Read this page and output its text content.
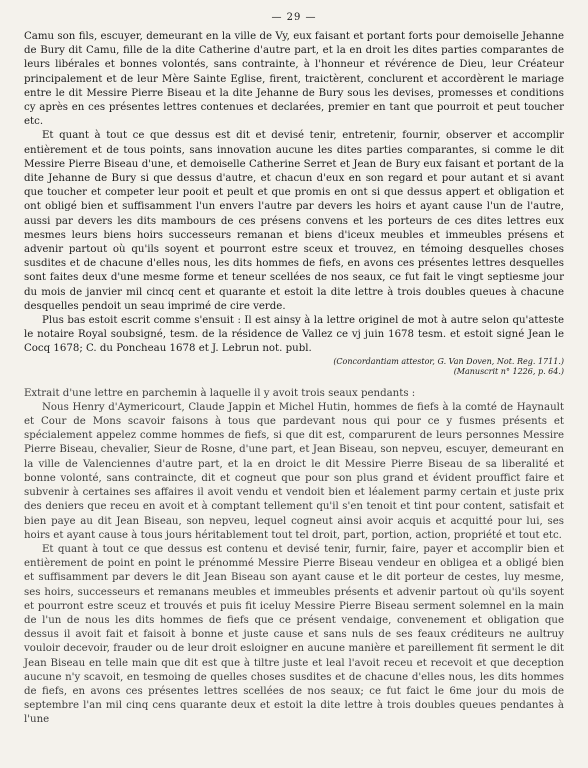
— 29 —

Camu son fils, escuyer, demeurant en la ville de Vy, eux faisant et portant forts pour demoiselle Jehanne de Bury dit Camu, fille de la dite Catherine d'autre part, et la en droit les dites parties comparantes de leurs libérales et bonnes volontés, sans contrainte, à l'honneur et révérence de Dieu, leur Créateur principalement et de leur Mère Sainte Eglise, firent, traictèrent, conclurent et accordèrent le mariage entre le dit Messire Pierre Biseau et la dite Jehanne de Bury sous les devises, promesses et conditions cy après en ces présentes lettres contenues et declarées, premier en tant que pourroit et peut toucher etc.

Et quant à tout ce que dessus est dit et devisé tenir, entretenir, fournir, observer et accomplir entièrement et de tous points, sans innovation aucune les dites parties comparantes, si comme le dit Messire Pierre Biseau d'une, et demoiselle Catherine Serret et Jean de Bury eux faisant et portant de la dite Jehanne de Bury si que dessus d'autre, et chacun d'eux en son regard et pour autant et si avant que toucher et competer leur pooit et peult et que promis en ont si que dessus appert et obligation et ont obligé bien et suffisamment l'un envers l'autre par devers les hoirs et ayant cause l'un de l'autre, aussi par devers les dits mambours de ces présens convens et les porteurs de ces dites lettres eux mesmes leurs biens hoirs successeurs remanan et biens d'iceux meubles et immeubles présens et advenir partout où qu'ils soyent et pourront estre sceux et trouvez, en témoing desquelles choses susdites et de chacune d'elles nous, les dits hommes de fiefs, en avons ces présentes lettres desquelles sont faites deux d'une mesme forme et teneur scellées de nos seaux, ce fut fait le vingt septiesme jour du mois de janvier mil cincq cent et quarante et estoit la dite lettre à trois doubles queues à chacune desquelles pendoit un seau imprimé de cire verde.

Plus bas estoit escrit comme s'ensuit : Il est ainsy à la lettre originel de mot à autre selon qu'atteste le notaire Royal soubsigné, tesm. de la résidence de Vallez ce vj juin 1678 tesm. et estoit signé Jean le Cocq 1678; C. du Poncheau 1678 et J. Lebrun not. publ.

(Concordantiam attestor, G. Van Doven, Not. Reg. 1711.)
(Manuscrit n° 1226, p. 64.)

Extrait d'une lettre en parchemin à laquelle il y avoit trois seaux pendants :

Nous Henry d'Aymericourt, Claude Jappin et Michel Hutin, hommes de fiefs à la comté de Haynault et Cour de Mons scavoir faisons à tous que pardevant nous qui pour ce y fusmes présents et spécialement appelez comme hommes de fiefs, si que dit est, comparurent de leurs personnes Messire Pierre Biseau, chevalier, Sieur de Rosne, d'une part, et Jean Biseau, son nepveu, escuyer, demeurant en la ville de Valenciennes d'autre part, et la en droict le dit Messire Pierre Biseau de sa liberalité et bonne volonté, sans contraincte, dit et cogneut que pour son plus grand et évident prouffict faire et subvenir à certaines ses affaires il avoit vendu et vendoit bien et léalement parmy certain et juste prix des deniers que receu en avoit et à comptant tellement qu'il s'en tenoit et tint pour content, satisfait et bien paye au dit Jean Biseau, son nepveu, lequel cogneut ainsi avoir acquis et acquitté pour lui, ses hoirs et ayant cause à tous jours héritablement tout tel droit, part, portion, action, propriété et tout etc.

Et quant à tout ce que dessus est contenu et devisé tenir, furnir, faire, payer et accomplir bien et entièrement de point en point le prénommé Messire Pierre Biseau vendeur en obligea et a obligé bien et suffisamment par devers le dit Jean Biseau son ayant cause et le dit porteur de cestes, luy mesme, ses hoirs, successeurs et remanans meubles et immeubles présents et advenir partout où qu'ils soyent et pourront estre sceuz et trouvés et puis fit iceluy Messire Pierre Biseau serment solemnel en la main de l'un de nous les dits hommes de fiefs que ce présent vendaige, convenement et obligation que dessus il avoit fait et faisoit à bonne et juste cause et sans nuls de ses feaux créditeurs ne aultruy vouloir decevoir, frauder ou de leur droit esloigner en aucune manière et pareillement fit serment le dit Jean Biseau en telle main que dit est que à tiltre juste et leal l'avoit receu et recevoit et que deception aucune n'y scavoit, en tesmoing de quelles choses susdites et de chacune d'elles nous, les dits hommes de fiefs, en avons ces présentes lettres scellées de nos seaux; ce fut faict le 6me jour du mois de septembre l'an mil cinq cens quarante deux et estoit la dite lettre à trois doubles queues pendantes à l'une
